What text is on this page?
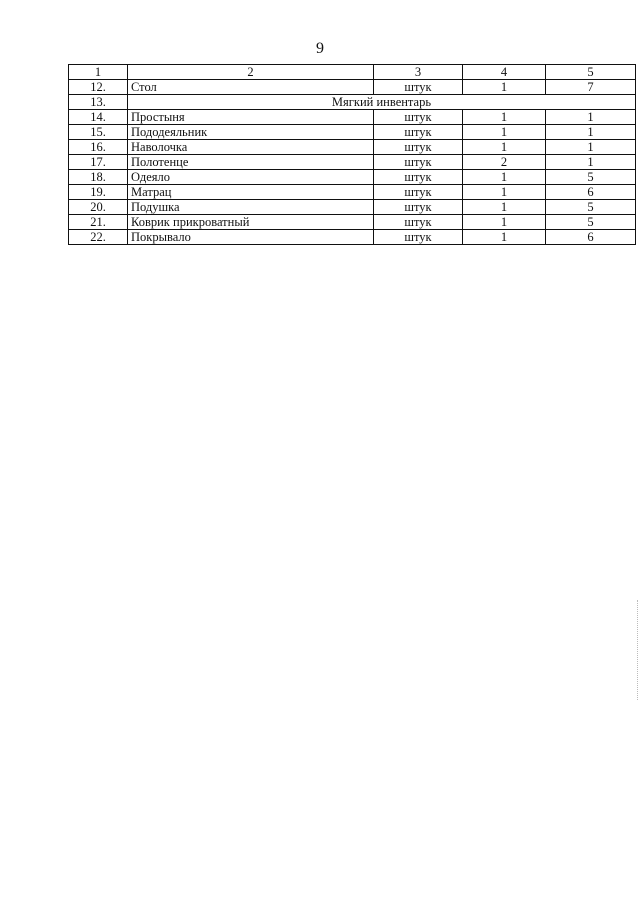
9
1	2	3	4	5
12.	Стол	штук	1	7
13.	Мягкий инвентарь			
14.	Простыня	штук	1	1
15.	Пододеяльник	штук	1	1
16.	Наволочка	штук	1	1
17.	Полотенце	штук	2	1
18.	Одеяло	штук	1	5
19.	Матрац	штук	1	6
20.	Подушка	штук	1	5
21.	Коврик прикроватный	штук	1	5
22.	Покрывало	штук	1	6
